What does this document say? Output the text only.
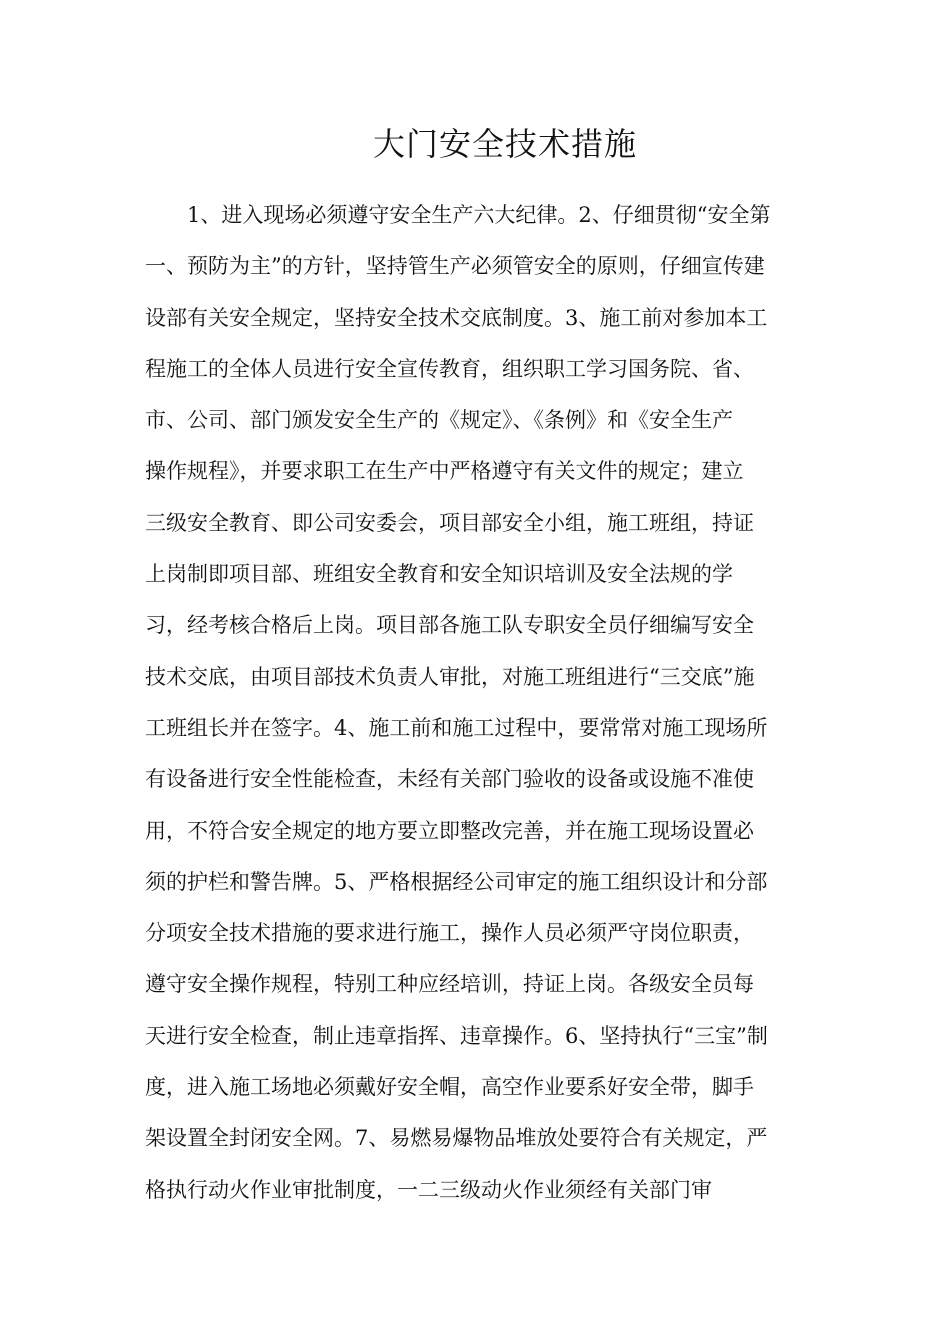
大门安全技术措施
　　1、进入现场必须遵守安全生产六大纪律。2、仔细贯彻“安全第
一、预防为主”的方针，坚持管生产必须管安全的原则，仔细宣传建
设部有关安全规定，坚持安全技术交底制度。3、施工前对参加本工
程施工的全体人员进行安全宣传教育，组织职工学习国务院、省、
市、公司、部门颁发安全生产的《规定》、《条例》和《安全生产
操作规程》，并要求职工在生产中严格遵守有关文件的规定；建立
三级安全教育、即公司安委会，项目部安全小组，施工班组，持证
上岗制即项目部、班组安全教育和安全知识培训及安全法规的学
习，经考核合格后上岗。项目部各施工队专职安全员仔细编写安全
技术交底，由项目部技术负责人审批，对施工班组进行“三交底”施
工班组长并在签字。4、施工前和施工过程中，要常常对施工现场所
有设备进行安全性能检查，未经有关部门验收的设备或设施不准使
用，不符合安全规定的地方要立即整改完善，并在施工现场设置必
须的护栏和警告牌。5、严格根据经公司审定的施工组织设计和分部
分项安全技术措施的要求进行施工，操作人员必须严守岗位职责，
遵守安全操作规程，特别工种应经培训，持证上岗。各级安全员每
天进行安全检查，制止违章指挥、违章操作。6、坚持执行“三宝”制
度，进入施工场地必须戴好安全帽，高空作业要系好安全带，脚手
架设置全封闭安全网。7、易燃易爆物品堆放处要符合有关规定，严
格执行动火作业审批制度，一二三级动火作业须经有关部门审
